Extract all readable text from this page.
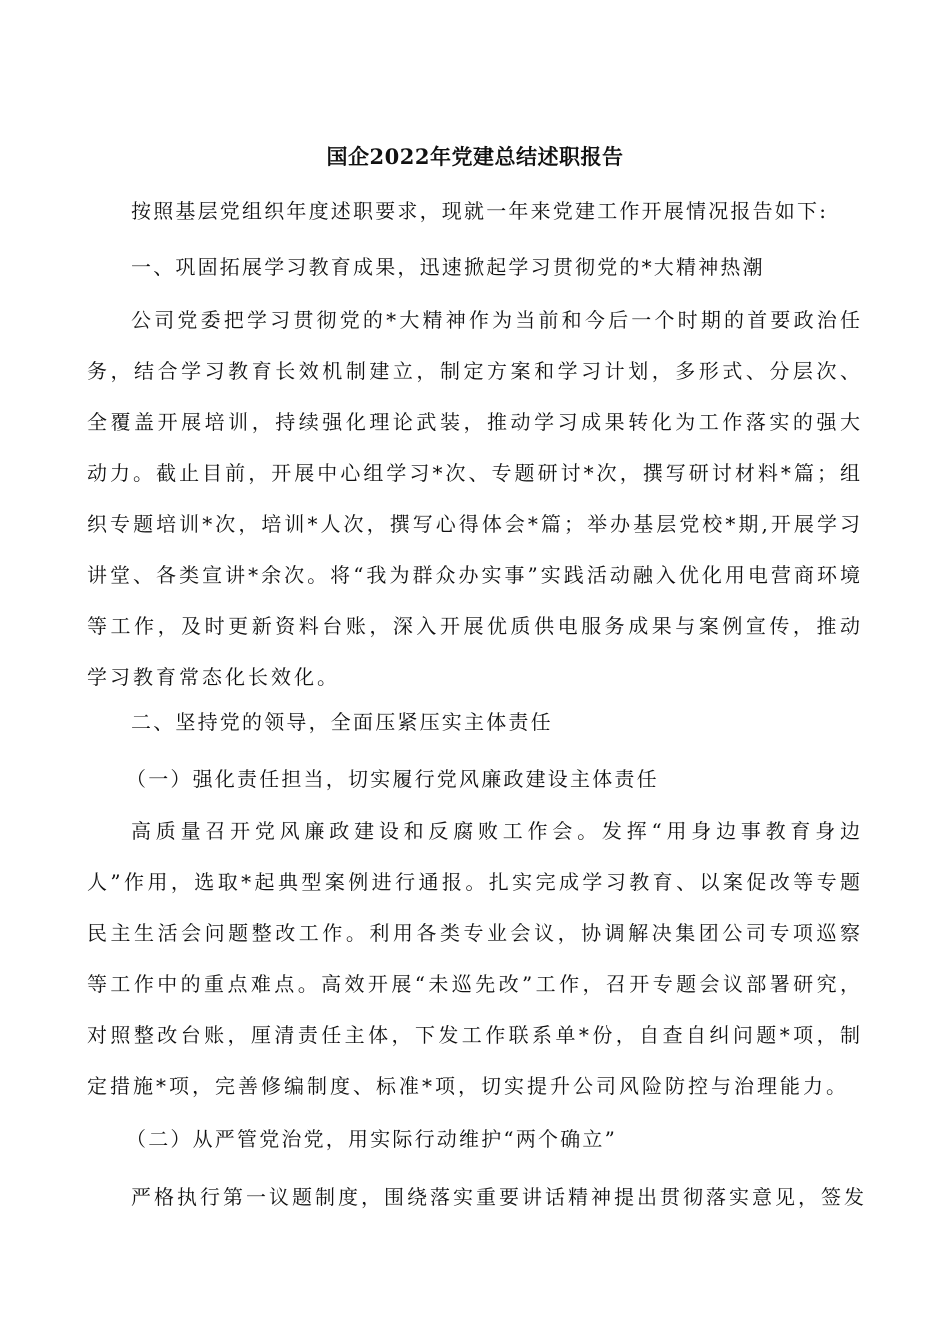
国企2022年党建总结述职报告

按照基层党组织年度述职要求，现就一年来党建工作开展情况报告如下:

一、巩固拓展学习教育成果，迅速掀起学习贯彻党的*大精神热潮

公司党委把学习贯彻党的*大精神作为当前和今后一个时期的首要政治任务，结合学习教育长效机制建立，制定方案和学习计划，多形式、分层次、全覆盖开展培训，持续强化理论武装，推动学习成果转化为工作落实的强大动力。截止目前，开展中心组学习*次、专题研讨*次，撰写研讨材料*篇；组织专题培训*次，培训*人次，撰写心得体会*篇；举办基层党校*期,开展学习讲堂、各类宣讲*余次。将“我为群众办实事”实践活动融入优化用电营商环境等工作，及时更新资料台账，深入开展优质供电服务成果与案例宣传，推动学习教育常态化长效化。

二、坚持党的领导，全面压紧压实主体责任

（一）强化责任担当，切实履行党风廉政建设主体责任

高质量召开党风廉政建设和反腐败工作会。发挥“用身边事教育身边人”作用，选取*起典型案例进行通报。扎实完成学习教育、以案促改等专题民主生活会问题整改工作。利用各类专业会议，协调解决集团公司专项巡察等工作中的重点难点。高效开展“未巡先改”工作，召开专题会议部署研究，对照整改台账，厘清责任主体，下发工作联系单*份，自查自纠问题*项，制定措施*项，完善修编制度、标准*项，切实提升公司风险防控与治理能力。

（二）从严管党治党，用实际行动维护“两个确立”

严格执行第一议题制度，围绕落实重要讲话精神提出贯彻落实意见，签发
